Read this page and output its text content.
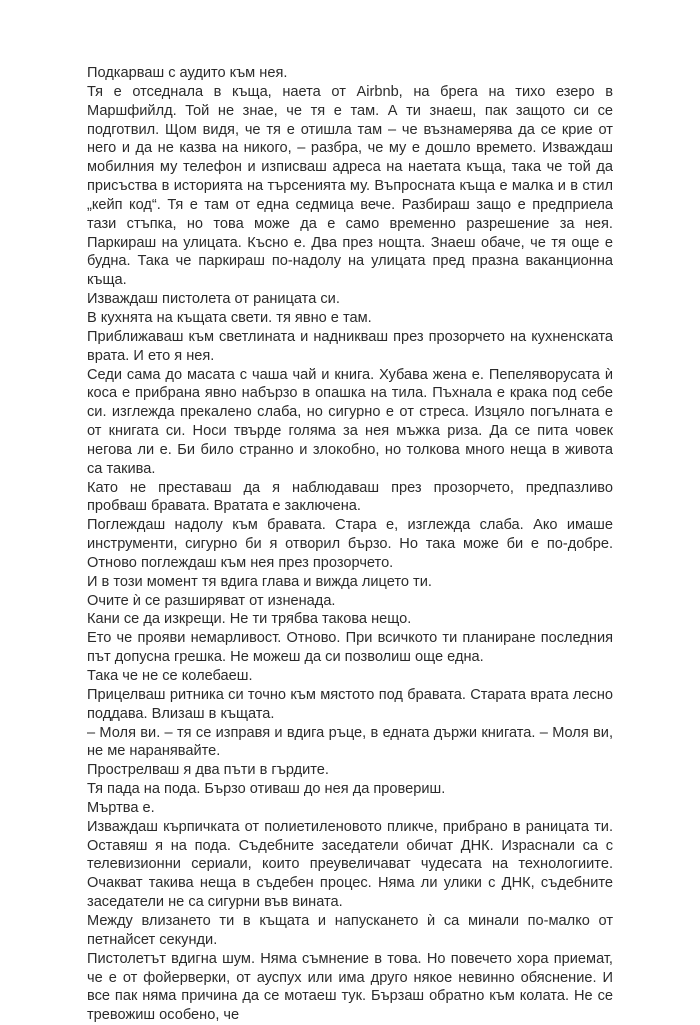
Подкарваш с аудито към нея.

Тя е отседнала в къща, наета от Airbnb, на брега на тихо езеро в Маршфийлд. Той не знае, че тя е там. А ти знаеш, пак защото си се подготвил. Щом видя, че тя е отишла там – че възнамерява да се крие от него и да не казва на никого, – разбра, че му е дошло времето. Изваждаш мобилния му телефон и изписваш адреса на наетата къща, така че той да присъства в историята на търсенията му. Въпросната къща е малка и в стил „кейп код“. Тя е там от една седмица вече. Разбираш защо е предприела тази стъпка, но това може да е само временно разрешение за нея. Паркираш на улицата. Късно е. Два през нощта. Знаеш обаче, че тя още е будна. Така че паркираш по-надолу на улицата пред празна ваканционна къща.

Изваждаш пистолета от раницата си.

В кухнята на къщата свети. тя явно е там.

Приближаваш към светлината и надникваш през прозорчето на кухненската врата. И ето я нея.

Седи сама до масата с чаша чай и книга. Хубава жена е. Пепеляворусата ѝ коса е прибрана явно набързо в опашка на тила. Пъхнала е крака под себе си. изглежда прекалено слаба, но сигурно е от стреса. Изцяло погълната е от книгата си. Носи твърде голяма за нея мъжка риза. Да се пита човек негова ли е. Би било странно и злокобно, но толкова много неща в живота са такива.

Като не преставаш да я наблюдаваш през прозорчето, предпазливо пробваш бравата. Вратата е заключена.

Поглеждаш надолу към бравата. Стара е, изглежда слаба. Ако имаше инструменти, сигурно би я отворил бързо. Но така може би е по-добре. Отново поглеждаш към нея през прозорчето.

И в този момент тя вдига глава и вижда лицето ти.

Очите ѝ се разширяват от изненада.

Кани се да изкрещи. Не ти трябва такова нещо.

Ето че прояви немарливост. Отново. При всичкото ти планиране последния път допусна грешка. Не можеш да си позволиш още една.

Така че не се колебаеш.

Прицелваш ритника си точно към мястото под бравата. Старата врата лесно поддава. Влизаш в къщата.

– Моля ви. – тя се изправя и вдига ръце, в едната държи книгата. – Моля ви, не ме наранявайте.

Прострелваш я два пъти в гърдите.

Тя пада на пода. Бързо отиваш до нея да провериш.

Мъртва е.

Изваждаш кърпичката от полиетиленовото пликче, прибрано в раницата ти. Оставяш я на пода. Съдебните заседатели обичат ДНК. Израснали са с телевизионни сериали, които преувеличават чудесата на технологиите. Очакват такива неща в съдебен процес. Няма ли улики с ДНК, съдебните заседатели не са сигурни във вината.

Между влизането ти в къщата и напускането ѝ са минали по-малко от петнайсет секунди.

Пистолетът вдигна шум. Няма съмнение в това. Но повечето хора приемат, че е от фойерверки, от ауспух или има друго някое невинно обяснение. И все пак няма причина да се мотаеш тук. Бързаш обратно към колата. Не се тревожиш особено, че
